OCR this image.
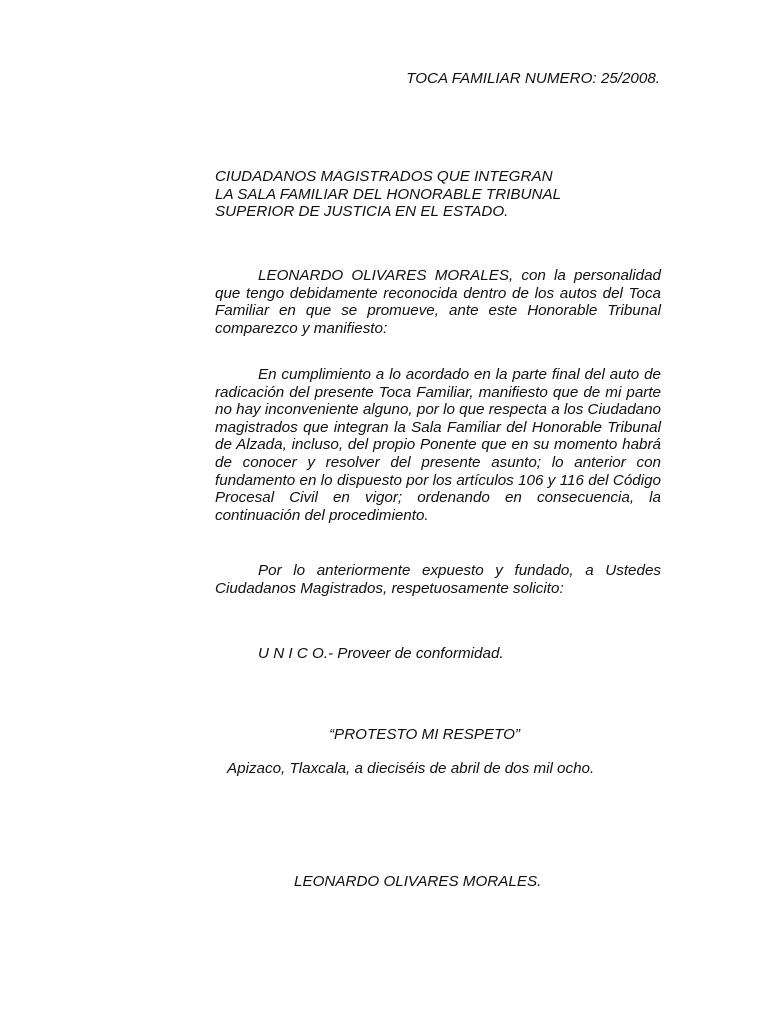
TOCA FAMILIAR NUMERO: 25/2008.
CIUDADANOS MAGISTRADOS QUE INTEGRAN
LA SALA FAMILIAR DEL HONORABLE TRIBUNAL
SUPERIOR DE JUSTICIA EN EL ESTADO.
LEONARDO OLIVARES MORALES, con la personalidad que tengo debidamente reconocida dentro de los autos del Toca Familiar en que se promueve, ante este Honorable Tribunal comparezco y manifiesto:
En cumplimiento a lo acordado en la parte final del auto de radicación del presente Toca Familiar, manifiesto que de mi parte no hay inconveniente alguno, por lo que respecta a los Ciudadano magistrados que integran la Sala Familiar del Honorable Tribunal de Alzada, incluso, del propio Ponente que en su momento habrá de conocer y resolver del presente asunto; lo anterior con fundamento en lo dispuesto por los artículos 106 y 116 del Código Procesal Civil en vigor; ordenando en consecuencia, la continuación del procedimiento.
Por lo anteriormente expuesto y fundado, a Ustedes Ciudadanos Magistrados, respetuosamente solicito:
U N I C O.- Proveer de conformidad.
“PROTESTO MI RESPETO”
Apizaco, Tlaxcala, a dieciséis de abril de dos mil ocho.
LEONARDO OLIVARES MORALES.
